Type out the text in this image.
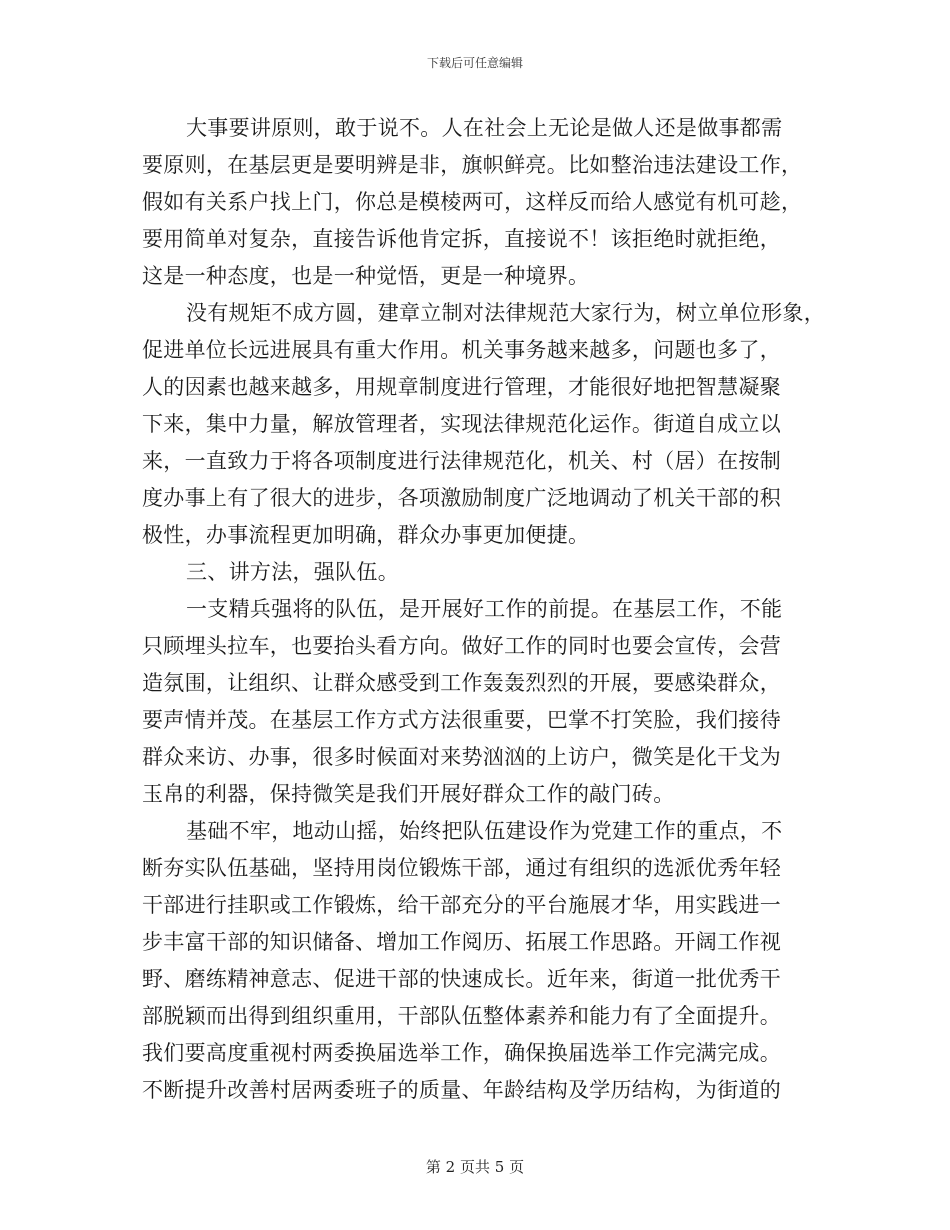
下载后可任意编辑
大事要讲原则，敢于说不。人在社会上无论是做人还是做事都需
要原则，在基层更是要明辨是非，旗帜鲜亮。比如整治违法建设工作，
假如有关系户找上门，你总是模棱两可，这样反而给人感觉有机可趁，
要用简单对复杂，直接告诉他肯定拆，直接说不！该拒绝时就拒绝，
这是一种态度，也是一种觉悟，更是一种境界。
没有规矩不成方圆，建章立制对法律规范大家行为，树立单位形象，
促进单位长远进展具有重大作用。机关事务越来越多，问题也多了，
人的因素也越来越多，用规章制度进行管理，才能很好地把智慧凝聚
下来，集中力量，解放管理者，实现法律规范化运作。街道自成立以
来，一直致力于将各项制度进行法律规范化，机关、村（居）在按制
度办事上有了很大的进步，各项激励制度广泛地调动了机关干部的积
极性，办事流程更加明确，群众办事更加便捷。
三、讲方法，强队伍。
一支精兵强将的队伍，是开展好工作的前提。在基层工作，不能
只顾埋头拉车，也要抬头看方向。做好工作的同时也要会宣传，会营
造氛围，让组织、让群众感受到工作轰轰烈烈的开展，要感染群众，
要声情并茂。在基层工作方式方法很重要，巴掌不打笑脸，我们接待
群众来访、办事，很多时候面对来势汹汹的上访户，微笑是化干戈为
玉帛的利器，保持微笑是我们开展好群众工作的敲门砖。
基础不牢，地动山摇，始终把队伍建设作为党建工作的重点，不
断夯实队伍基础，坚持用岗位锻炼干部，通过有组织的选派优秀年轻
干部进行挂职或工作锻炼，给干部充分的平台施展才华，用实践进一
步丰富干部的知识储备、增加工作阅历、拓展工作思路。开阔工作视
野、磨练精神意志、促进干部的快速成长。近年来，街道一批优秀干
部脱颖而出得到组织重用，干部队伍整体素养和能力有了全面提升。
我们要高度重视村两委换届选举工作，确保换届选举工作完满完成。
不断提升改善村居两委班子的质量、年龄结构及学历结构，为街道的
第 2 页共 5 页
